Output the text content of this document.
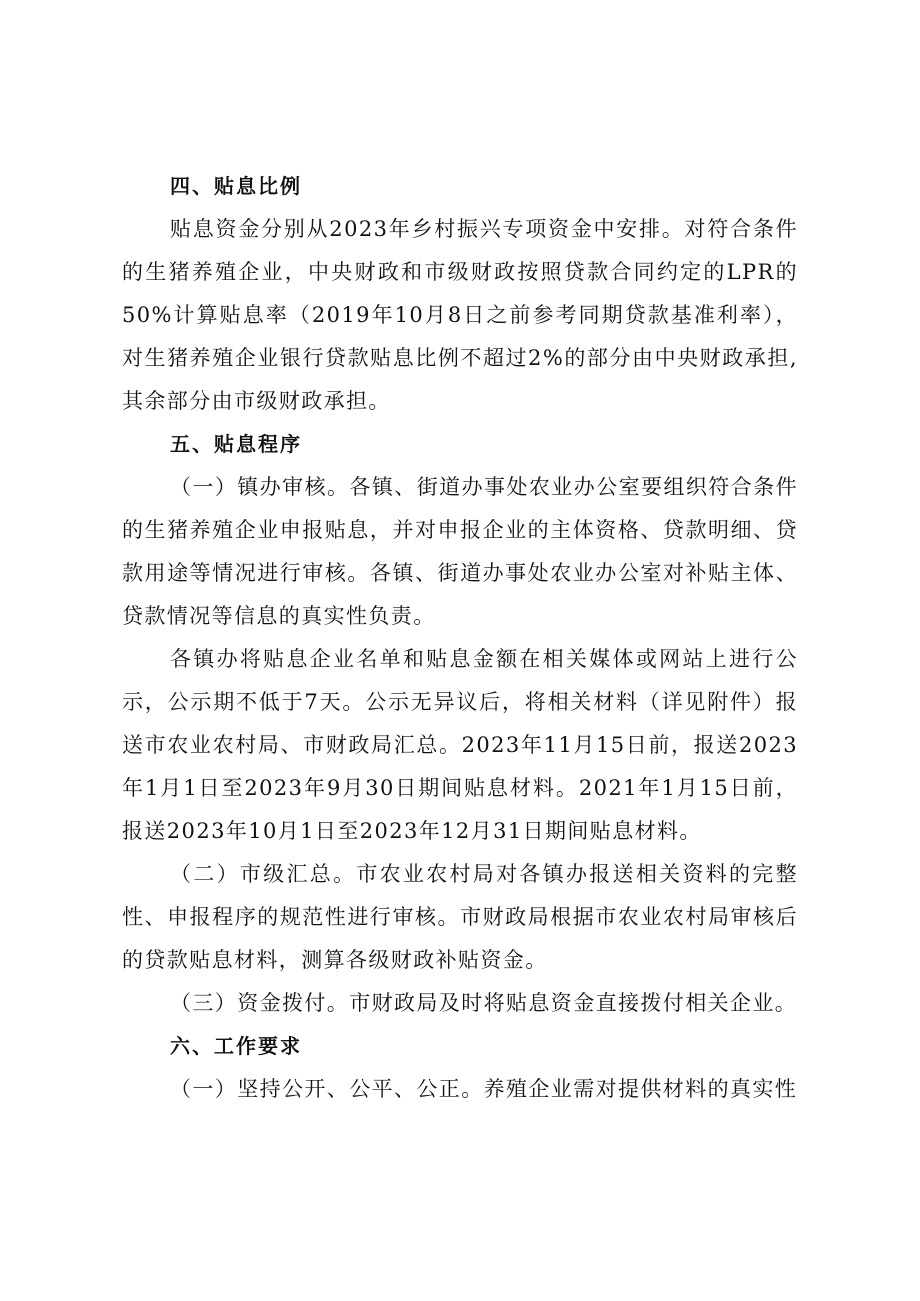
四、贴息比例

贴息资金分别从2023年乡村振兴专项资金中安排。对符合条件的生猪养殖企业，中央财政和市级财政按照贷款合同约定的LPR的50%计算贴息率（2019年10月8日之前参考同期贷款基准利率），对生猪养殖企业银行贷款贴息比例不超过2%的部分由中央财政承担,其余部分由市级财政承担。

五、贴息程序

（一）镇办审核。各镇、街道办事处农业办公室要组织符合条件的生猪养殖企业申报贴息，并对申报企业的主体资格、贷款明细、贷款用途等情况进行审核。各镇、街道办事处农业办公室对补贴主体、贷款情况等信息的真实性负责。

各镇办将贴息企业名单和贴息金额在相关媒体或网站上进行公示，公示期不低于7天。公示无异议后，将相关材料（详见附件）报送市农业农村局、市财政局汇总。2023年11月15日前，报送2023年1月1日至2023年9月30日期间贴息材料。2021年1月15日前，报送2023年10月1日至2023年12月31日期间贴息材料。

（二）市级汇总。市农业农村局对各镇办报送相关资料的完整性、申报程序的规范性进行审核。市财政局根据市农业农村局审核后的贷款贴息材料，测算各级财政补贴资金。

（三）资金拨付。市财政局及时将贴息资金直接拨付相关企业。

六、工作要求

（一）坚持公开、公平、公正。养殖企业需对提供材料的真实性
